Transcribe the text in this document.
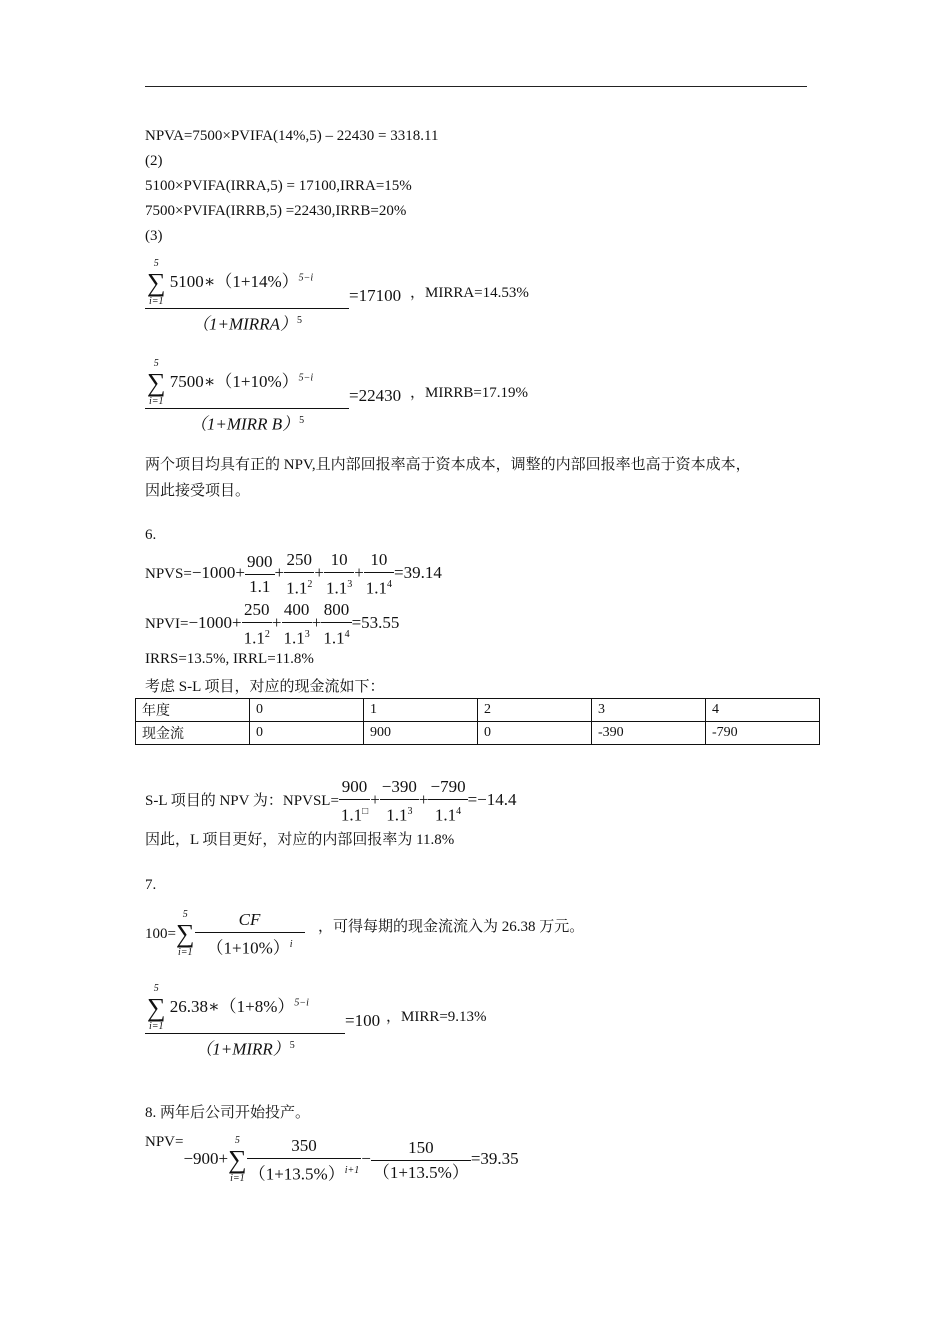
NPVA=7500×PVIFA(14%,5) – 22430 = 3318.11
(2)
5100×PVIFA(IRRA,5) = 17100,IRRA=15%
7500×PVIFA(IRRB,5) =22430,IRRB=20%
(3)
5
∑
i=1
$5100∗(1+14\%)^{5-i}$
（1+MIRRA）$^5$ =17100 ，MIRRA=14.53%
5
∑
i=1
$7500∗(1+10\%)^{5-i}$
（1+MIRR B）$^5$ =22430 ，MIRRB=17.19%
两个项目均具有正的 NPV,且内部回报率高于资本成本，调整的内部回报率也高于资本成本，
因此接受项目。
6.
NPVS=−1000+ $\frac{900}{1.1} + \frac{250}{1.1^2} + \frac{10}{1.1^3} + \frac{10}{1.1^4} =39.14$
NPVI=−1000+ $\frac{250}{1.1^2} + \frac{400}{1.1^3} + \frac{800}{1.1^4} =53.55$
IRRS=13.5%, IRRL=11.8%
考虑 S-L 项目，对应的现金流如下：
年度	0	1	2	3	4
现金流	0	900	0	-390	-790
S-L 项目的 NPV 为：NPVSL= $\frac{900}{1.1^□} + \frac{-390}{1.1^3} + \frac{-790}{1.1^4} =-14.4$
因此，L 项目更好，对应的内部回报率为 11.8%
7.
100=
5
∑
$i=1 \frac{CF}{(1+10\%)^i}$ ，可得每期的现金流流入为 26.38 万元。
5
∑
i=1
$26.38∗(1+8\%)^{5-i}$
（1+MIRR）$^5$ =100 ，MIRR=9.13%
8. 两年后公司开始投产。
NPV=−900+
5
∑
$i=1 \frac{350}{(1+13.5\%)^{i+1}} - \frac{150}{(1+13.5\%)} =39.35$
